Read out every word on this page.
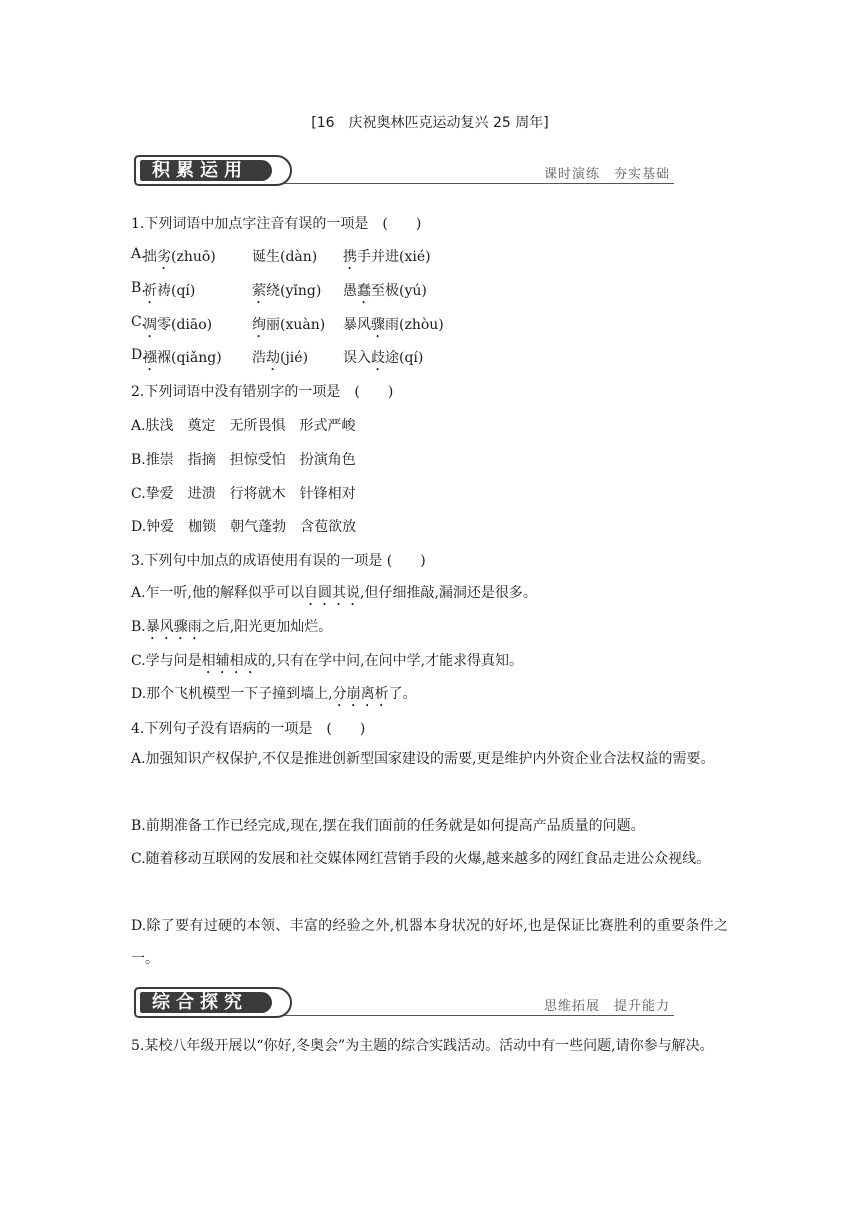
[16　庆祝奥林匹克运动复兴 25 周年]
积累运用	课时演练　夯实基础
1.下列词语中加点字注音有误的一项是　(　　)
A.
拙劣(zhuō)	诞生(dàn) 携手并进(xié)
B.
祈祷(qí)	萦绕(yǐng) 愚蠢至极(yú)
C.
凋零(diāo)	绚丽(xuàn) 暴风骤雨(zhòu)
D.
襁褓(qiǎng) 浩劫(jié) 误入歧途(qí)
2.下列词语中没有错别字的一项是　(　　)
A.肤浅　奠定　无所畏惧　形式严峻
B.推崇　指摘　担惊受怕　扮演角色
C.挚爱　进溃　行将就木　针锋相对
D.钟爱　枷锁　朝气蓬勃　含苞欲放
3.下列句中加点的成语使用有误的一项是 (　　)
A.乍一听,他的解释似乎可以自圆其说,但仔细推敲,漏洞还是很多。
B.暴风骤雨之后,阳光更加灿烂。
C.学与问是相辅相成的,只有在学中问,在问中学,才能求得真知。
D.那个飞机模型一下子撞到墙上,分崩离析了。
4.下列句子没有语病的一项是　(　　)
A.加强知识产权保护,不仅是推进创新型国家建设的需要,更是维护内外资企业合法权益的需要。
B.前期准备工作已经完成,现在,摆在我们面前的任务就是如何提高产品质量的问题。
C.随着移动互联网的发展和社交媒体网红营销手段的火爆,越来越多的网红食品走进公众视线。
D.除了要有过硬的本领、丰富的经验之外,机器本身状况的好坏,也是保证比赛胜利的重要条件之一。
综合探究	思维拓展　提升能力
5.某校八年级开展以“你好,冬奥会”为主题的综合实践活动。活动中有一些问题,请你参与解决。
